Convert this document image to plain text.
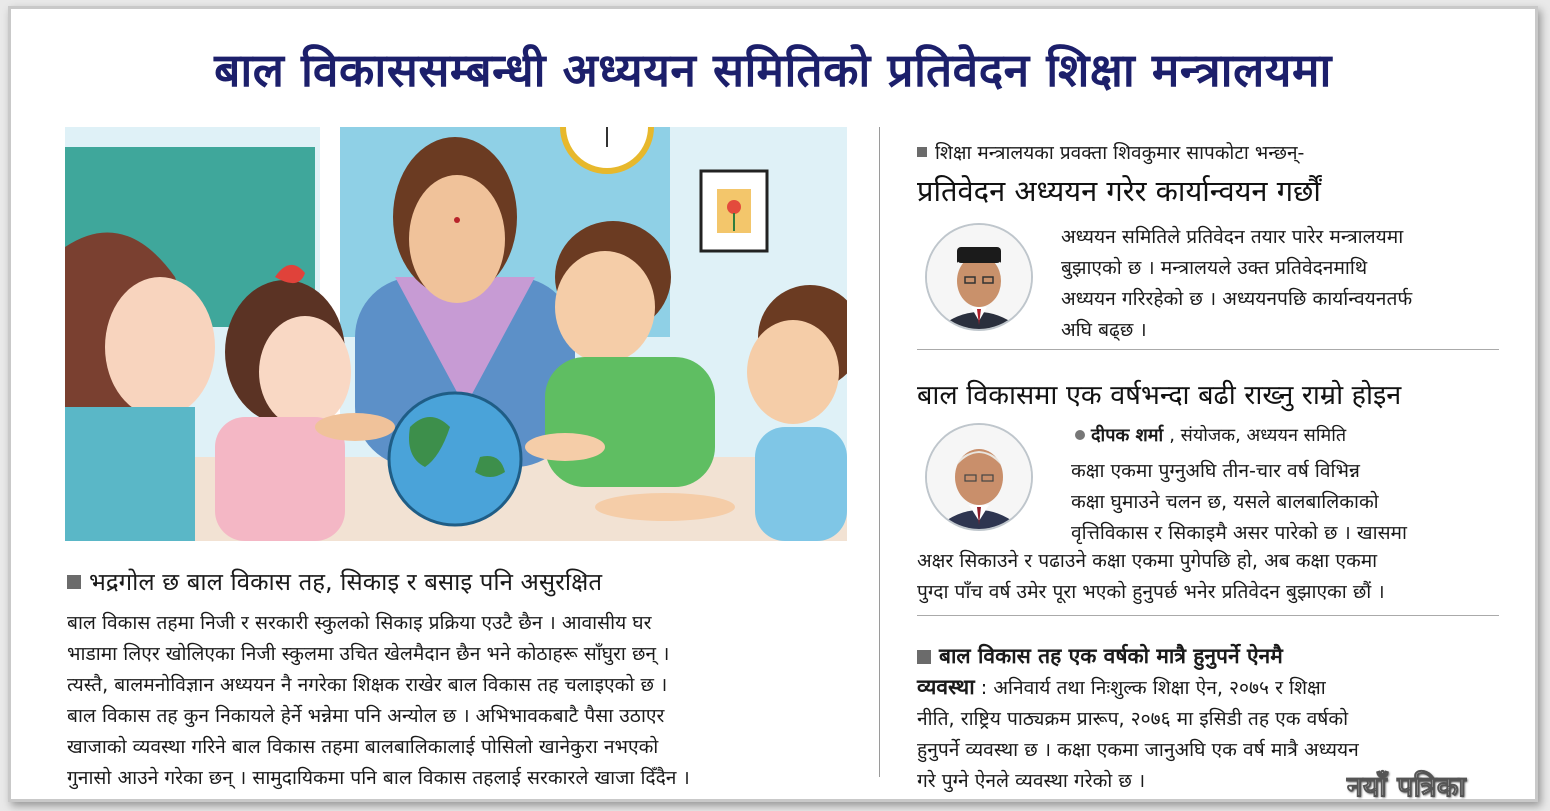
बाल विकाससम्बन्धी अध्ययन समितिको प्रतिवेदन शिक्षा मन्त्रालयमा
भद्रगोल छ बाल विकास तह, सिकाइ र बसाइ पनि असुरक्षित
बाल विकास तहमा निजी र सरकारी स्कुलको सिकाइ प्रक्रिया एउटै छैन । आवासीय घर
भाडामा लिएर खोलिएका निजी स्कुलमा उचित खेलमैदान छैन भने कोठाहरू साँघुरा छन् ।
त्यस्तै, बालमनोविज्ञान अध्ययन नै नगरेका शिक्षक राखेर बाल विकास तह चलाइएको छ ।
बाल विकास तह कुन निकायले हेर्ने भन्नेमा पनि अन्योल छ । अभिभावकबाटै पैसा उठाएर
खाजाको व्यवस्था गरिने बाल विकास तहमा बालबालिकालाई पोसिलो खानेकुरा नभएको
गुनासो आउने गरेका छन् । सामुदायिकमा पनि बाल विकास तहलाई सरकारले खाजा दिँदैन ।
शिक्षा मन्त्रालयका प्रवक्ता शिवकुमार सापकोटा भन्छन्-
प्रतिवेदन अध्ययन गरेर कार्यान्वयन गर्छौं
अध्ययन समितिले प्रतिवेदन तयार पारेर मन्त्रालयमा
बुझाएको छ । मन्त्रालयले उक्त प्रतिवेदनमाथि
अध्ययन गरिरहेको छ । अध्ययनपछि कार्यान्वयनतर्फ
अघि बढ्छ ।
बाल विकासमा एक वर्षभन्दा बढी राख्नु राम्रो होइन
दीपक शर्मा , संयोजक, अध्ययन समिति
कक्षा एकमा पुग्नुअघि तीन-चार वर्ष विभिन्न
कक्षा घुमाउने चलन छ, यसले बालबालिकाको
वृत्तिविकास र सिकाइमै असर पारेको छ । खासमा
अक्षर सिकाउने र पढाउने कक्षा एकमा पुगेपछि हो, अब कक्षा एकमा
पुग्दा पाँच वर्ष उमेर पूरा भएको हुनुपर्छ भनेर प्रतिवेदन बुझाएका छौं ।
बाल विकास तह एक वर्षको मात्रै हुनुपर्ने ऐनमै
व्यवस्था : अनिवार्य तथा निःशुल्क शिक्षा ऐन, २०७५ र शिक्षा
नीति, राष्ट्रिय पाठ्यक्रम प्रारूप, २०७६ मा इसिडी तह एक वर्षको
हुनुपर्ने व्यवस्था छ । कक्षा एकमा जानुअघि एक वर्ष मात्रै अध्ययन
गरे पुग्ने ऐनले व्यवस्था गरेको छ ।	नयाँ पत्रिका
